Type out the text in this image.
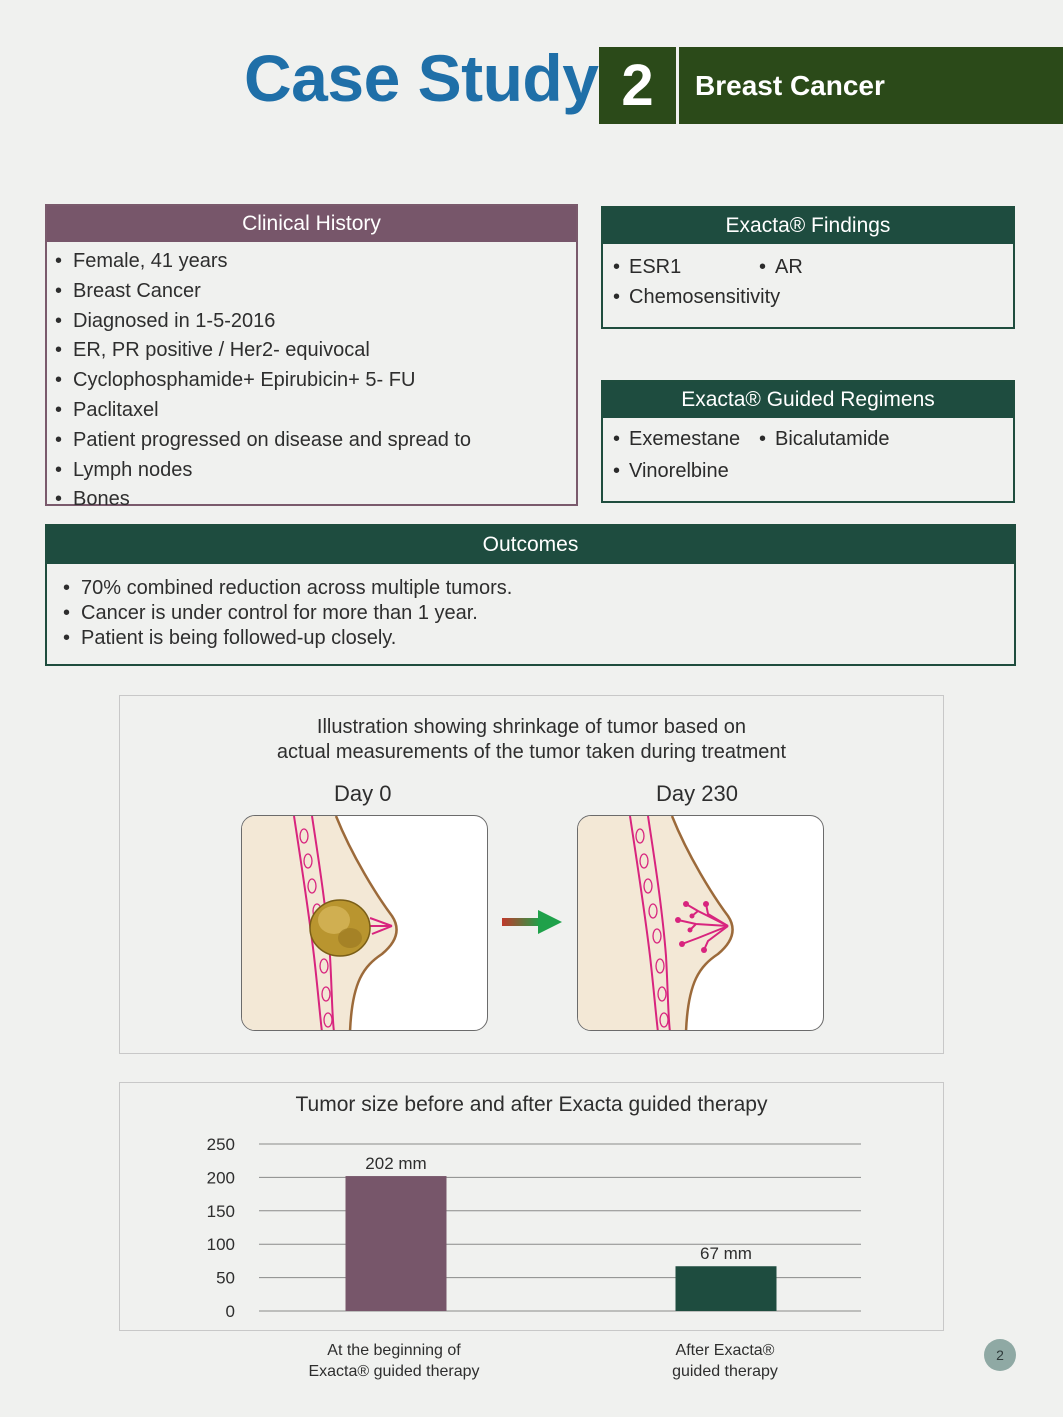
Case Study 2	Breast Cancer
Clinical History
• Female, 41 years
• Breast Cancer
• Diagnosed in 1-5-2016
• ER, PR positive / Her2- equivocal
• Cyclophosphamide+ Epirubicin+ 5- FU
• Paclitaxel
• Patient progressed on disease and spread to
• Lymph nodes
• Bones
Exacta® Findings
• ESR1	• AR
• Chemosensitivity
Exacta® Guided Regimens
• Exemestane	• Bicalutamide
• Vinorelbine
Outcomes
• 70% combined reduction across multiple tumors.
• Cancer is under control for more than 1 year.
• Patient is being followed-up closely.
Illustration showing shrinkage of tumor based on
actual measurements of the tumor taken during treatment
Day 0	Day 230
Tumor size before and after Exacta guided therapy
0
50
100
150
200
250
202 mm
67 mm
At the beginning of
Exacta® guided therapy
After Exacta®
guided therapy
2
